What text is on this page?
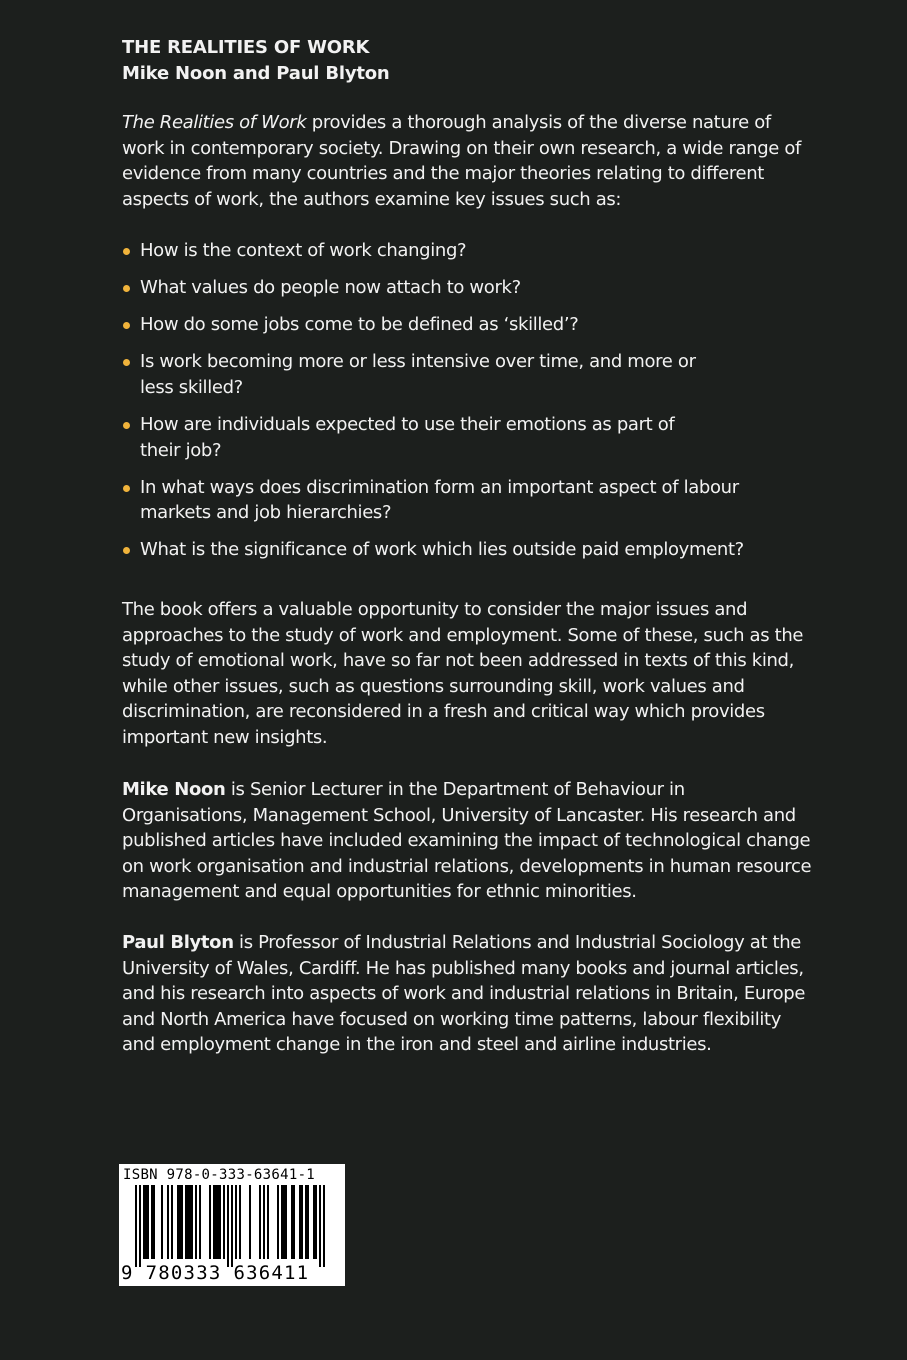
THE REALITIES OF WORK
Mike Noon and Paul Blyton
The Realities of Work provides a thorough analysis of the diverse nature of work in contemporary society. Drawing on their own research, a wide range of evidence from many countries and the major theories relating to different aspects of work, the authors examine key issues such as:
How is the context of work changing?
What values do people now attach to work?
How do some jobs come to be defined as ‘skilled’?
Is work becoming more or less intensive over time, and more or less skilled?
How are individuals expected to use their emotions as part of their job?
In what ways does discrimination form an important aspect of labour markets and job hierarchies?
What is the significance of work which lies outside paid employment?
The book offers a valuable opportunity to consider the major issues and approaches to the study of work and employment. Some of these, such as the study of emotional work, have so far not been addressed in texts of this kind, while other issues, such as questions surrounding skill, work values and discrimination, are reconsidered in a fresh and critical way which provides important new insights.
Mike Noon is Senior Lecturer in the Department of Behaviour in Organisations, Management School, University of Lancaster. His research and published articles have included examining the impact of technological change on work organisation and industrial relations, developments in human resource management and equal opportunities for ethnic minorities.
Paul Blyton is Professor of Industrial Relations and Industrial Sociology at the University of Wales, Cardiff. He has published many books and journal articles, and his research into aspects of work and industrial relations in Britain, Europe and North America have focused on working time patterns, labour flexibility and employment change in the iron and steel and airline industries.
ISBN 978-0-333-63641-1
9 780333 636411
